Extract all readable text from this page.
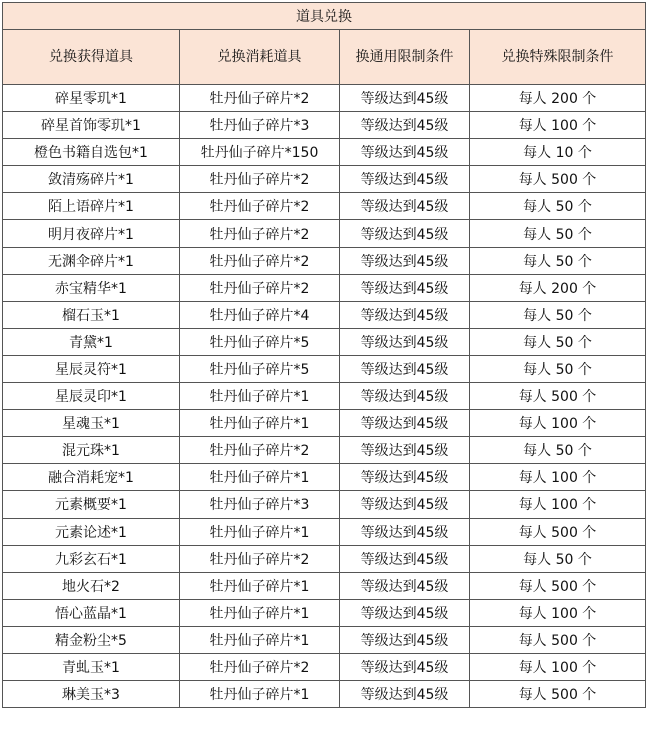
道具兑换			
兑换获得道具	兑换消耗道具	换通用限制条件	兑换特殊限制条件
碎星零玑*1	牡丹仙子碎片*2	等级达到45级	每人 200 个
碎星首饰零玑*1	牡丹仙子碎片*3	等级达到45级	每人 100 个
橙色书籍自选包*1	牡丹仙子碎片*150	等级达到45级	每人 10 个
敛清殇碎片*1	牡丹仙子碎片*2	等级达到45级	每人 500 个
陌上语碎片*1	牡丹仙子碎片*2	等级达到45级	每人 50 个
明月夜碎片*1	牡丹仙子碎片*2	等级达到45级	每人 50 个
无渊伞碎片*1	牡丹仙子碎片*2	等级达到45级	每人 50 个
赤宝精华*1	牡丹仙子碎片*2	等级达到45级	每人 200 个
榴石玉*1	牡丹仙子碎片*4	等级达到45级	每人 50 个
青黛*1	牡丹仙子碎片*5	等级达到45级	每人 50 个
星辰灵符*1	牡丹仙子碎片*5	等级达到45级	每人 50 个
星辰灵印*1	牡丹仙子碎片*1	等级达到45级	每人 500 个
星魂玉*1	牡丹仙子碎片*1	等级达到45级	每人 100 个
混元珠*1	牡丹仙子碎片*2	等级达到45级	每人 50 个
融合消耗宠*1	牡丹仙子碎片*1	等级达到45级	每人 100 个
元素概要*1	牡丹仙子碎片*3	等级达到45级	每人 100 个
元素论述*1	牡丹仙子碎片*1	等级达到45级	每人 500 个
九彩玄石*1	牡丹仙子碎片*2	等级达到45级	每人 50 个
地火石*2	牡丹仙子碎片*1	等级达到45级	每人 500 个
悟心蓝晶*1	牡丹仙子碎片*1	等级达到45级	每人 100 个
精金粉尘*5	牡丹仙子碎片*1	等级达到45级	每人 500 个
青虬玉*1	牡丹仙子碎片*2	等级达到45级	每人 100 个
琳美玉*3	牡丹仙子碎片*1	等级达到45级	每人 500 个
